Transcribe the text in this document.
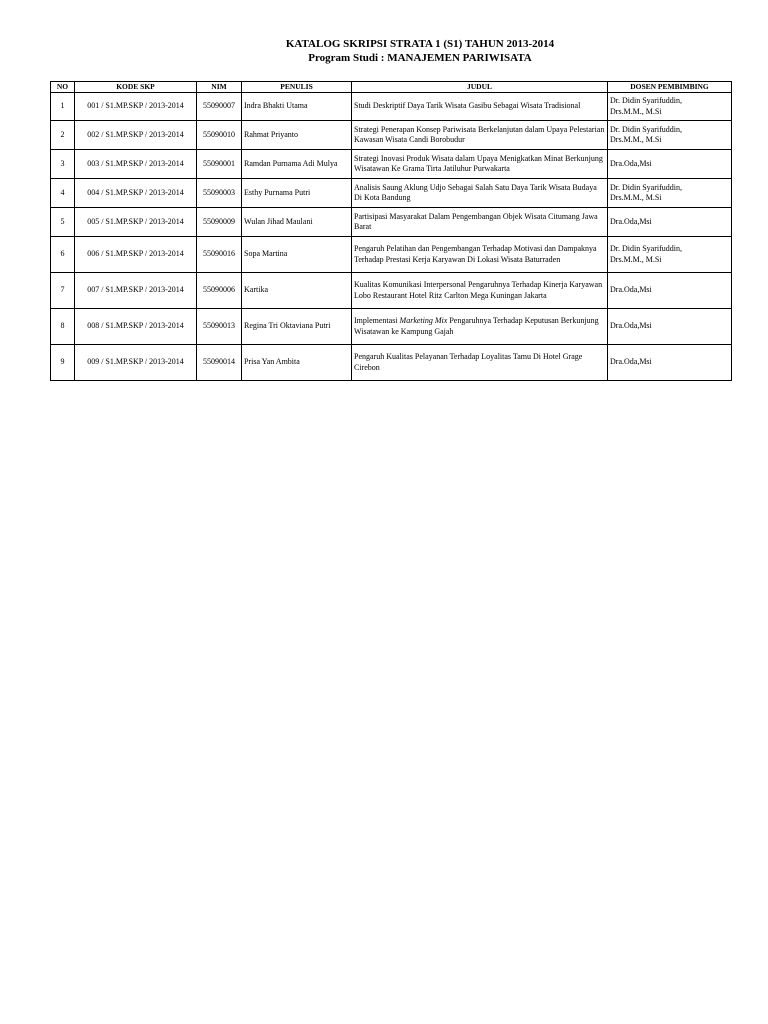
KATALOG SKRIPSI STRATA 1 (S1) TAHUN 2013-2014
Program Studi : MANAJEMEN PARIWISATA
NO	KODE SKP	NIM	PENULIS	JUDUL	DOSEN PEMBIMBING
1	001 / S1.MP.SKP / 2013-2014	55090007	Indra Bhakti Utama	Studi Deskriptif Daya Tarik Wisata Gasibu Sebagai Wisata Tradisional	Dr. Didin Syarifuddin,
Drs.M.M., M.Si
2	002 / S1.MP.SKP / 2013-2014	55090010	Rahmat Priyanto	Strategi Penerapan Konsep Pariwisata Berkelanjutan dalam Upaya Pelestarian Kawasan Wisata Candi Borobudur	Dr. Didin Syarifuddin,
Drs.M.M., M.Si
3	003 / S1.MP.SKP / 2013-2014	55090001	Ramdan Purnama Adi Mulya	Strategi Inovasi Produk Wisata dalam Upaya Menigkatkan Minat Berkunjung Wisatawan Ke Grama Tirta Jatiluhur Purwakarta	Dra.Oda,Msi
4	004 / S1.MP.SKP / 2013-2014	55090003	Esthy Purnama Putri	Analisis Saung Aklung Udjo Sebagai Salah Satu Daya Tarik Wisata Budaya Di Kota Bandung	Dr. Didin Syarifuddin,
Drs.M.M., M.Si
5	005 / S1.MP.SKP / 2013-2014	55090009	Wulan Jihad Maulani	Partisipasi Masyarakat Dalam Pengembangan Objek Wisata Citumang Jawa Barat	Dra.Oda,Msi
6	006 / S1.MP.SKP / 2013-2014	55090016	Sopa Martina	Pengaruh Pelatihan dan Pengembangan Terhadap Motivasi dan Dampaknya Terhadap Prestasi Kerja Karyawan Di Lokasi Wisata Baturraden	Dr. Didin Syarifuddin,
Drs.M.M., M.Si
7	007 / S1.MP.SKP / 2013-2014	55090006	Kartika	Kualitas Komunikasi Interpersonal Pengaruhnya Terhadap Kinerja Karyawan Lobo Restaurant Hotel Ritz Carlton Mega Kuningan Jakarta	Dra.Oda,Msi
8	008 / S1.MP.SKP / 2013-2014	55090013	Regina Tri Oktaviana Putri	Implementasi Marketing Mix Pengaruhnya Terhadap Keputusan Berkunjung Wisatawan ke Kampung Gajah	Dra.Oda,Msi
9	009 / S1.MP.SKP / 2013-2014	55090014	Prisa Yan Ambita	Pengaruh Kualitas Pelayanan Terhadap Loyalitas Tamu Di Hotel Grage Cirebon	Dra.Oda,Msi
